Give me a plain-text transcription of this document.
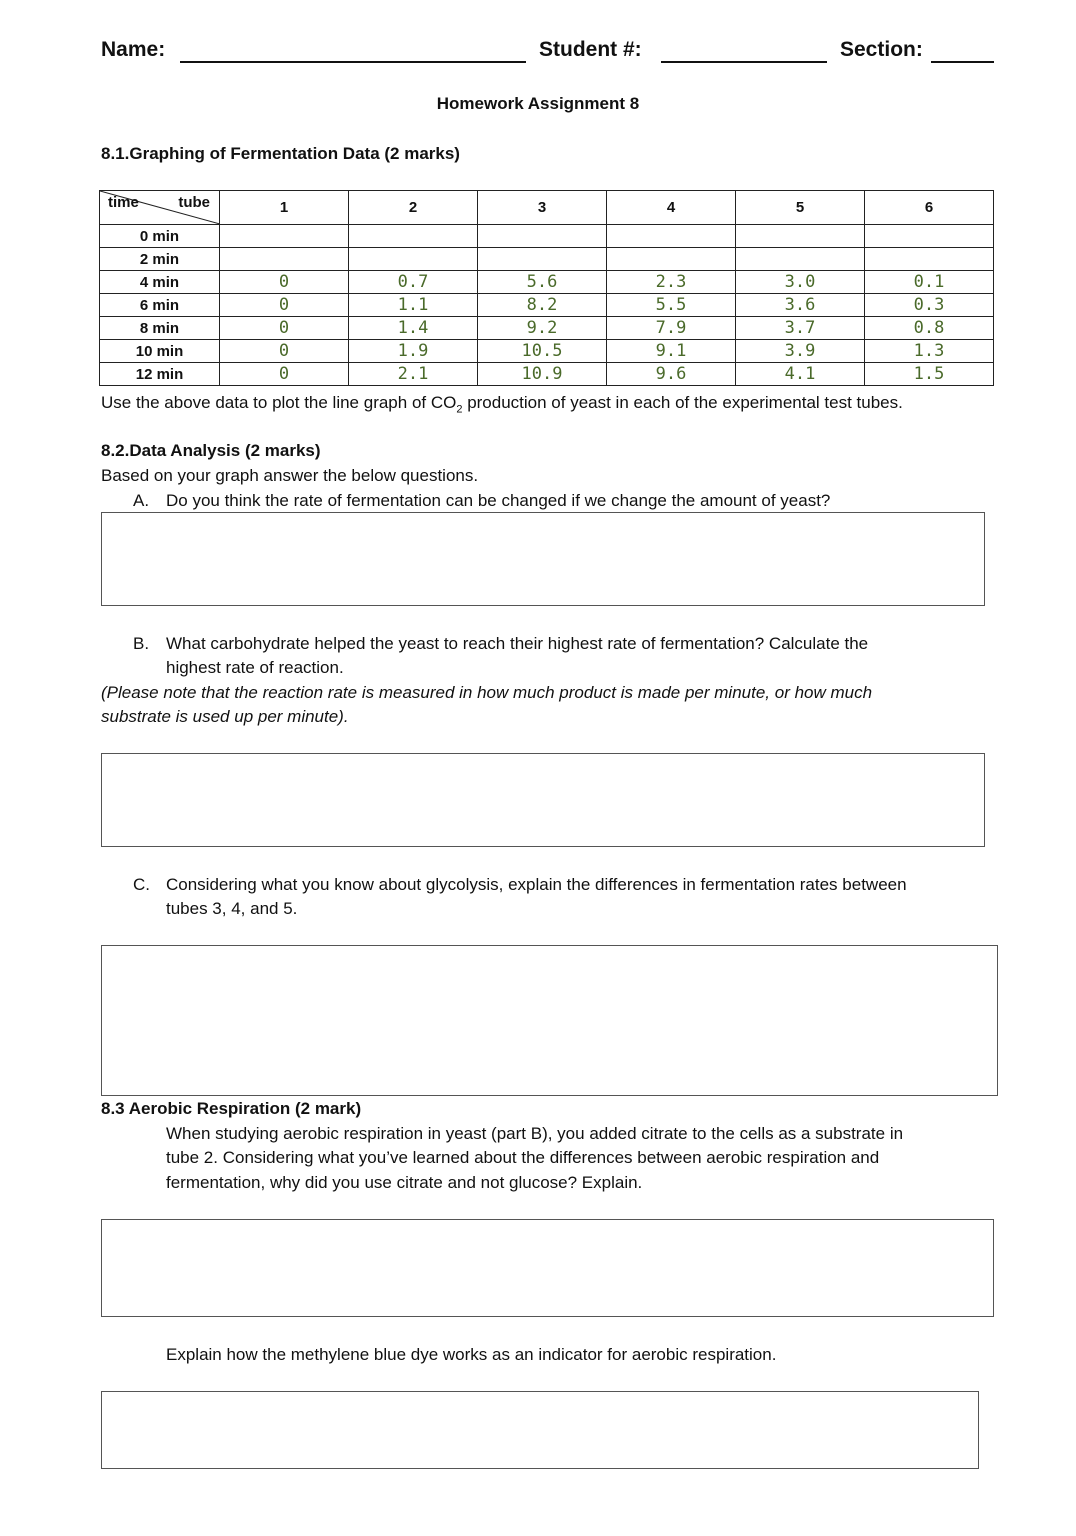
Name:	Student #:	Section:
Homework Assignment 8
8.1.Graphing of Fermentation Data (2 marks)
time tube	1	2	3	4	5	6
0 min						
2 min						
4 min	0	0.7	5.6	2.3	3.0	0.1
6 min	0	1.1	8.2	5.5	3.6	0.3
8 min	0	1.4	9.2	7.9	3.7	0.8
10 min	0	1.9	10.5	9.1	3.9	1.3
12 min	0	2.1	10.9	9.6	4.1	1.5
Use the above data to plot the line graph of $CO_2$ production of yeast in each of the experimental test tubes.
8.2.Data Analysis (2 marks)
Based on your graph answer the below questions.
A. Do you think the rate of fermentation can be changed if we change the amount of yeast?
B. What carbohydrate helped the yeast to reach their highest rate of fermentation? Calculate the
highest rate of reaction.
(Please note that the reaction rate is measured in how much product is made per minute, or how much
substrate is used up per minute).
C. Considering what you know about glycolysis, explain the differences in fermentation rates between
tubes 3, 4, and 5.
8.3 Aerobic Respiration (2 mark)
When studying aerobic respiration in yeast (part B), you added citrate to the cells as a substrate in
tube 2. Considering what you’ve learned about the differences between aerobic respiration and
fermentation, why did you use citrate and not glucose? Explain.
Explain how the methylene blue dye works as an indicator for aerobic respiration.
